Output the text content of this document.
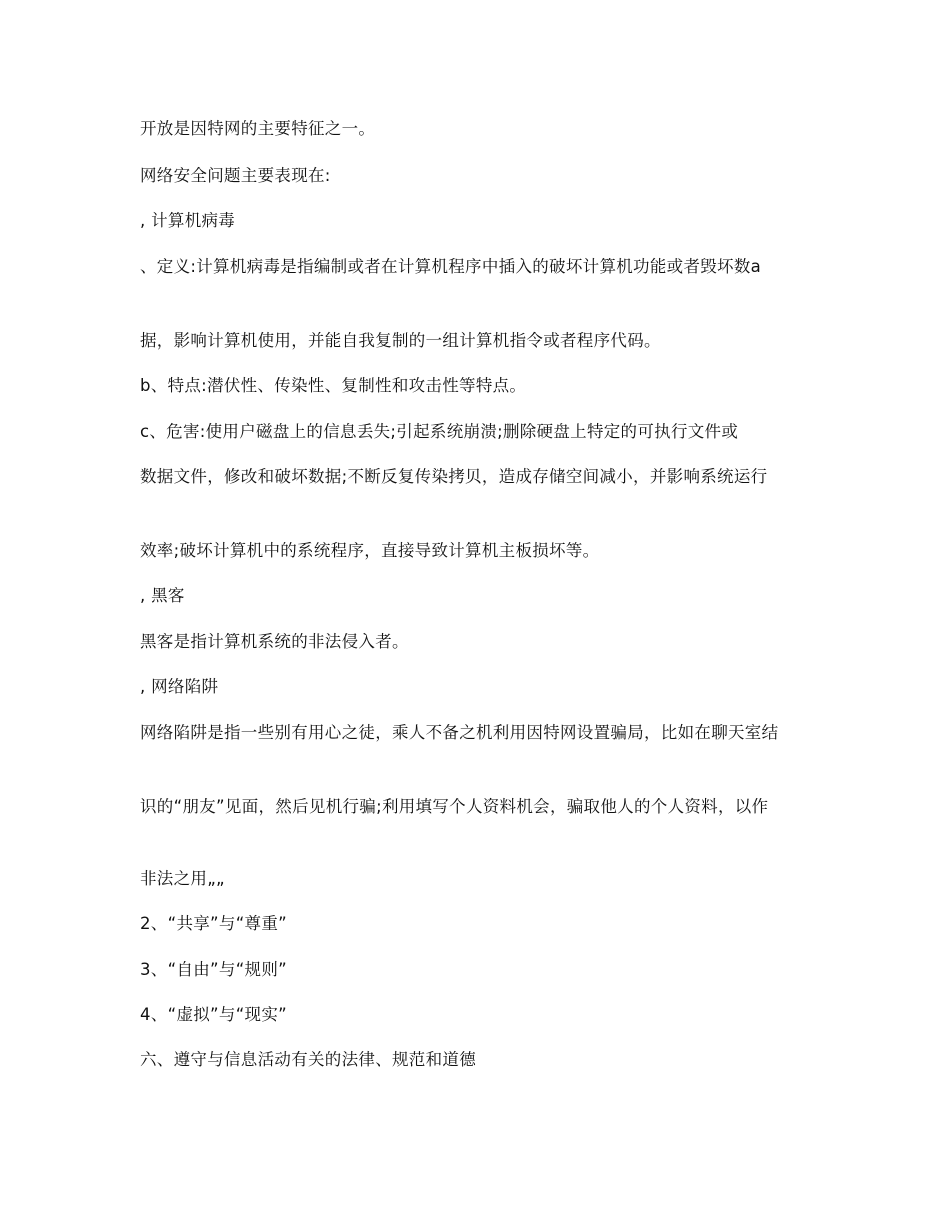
开放是因特网的主要特征之一。
网络安全问题主要表现在:
, 计算机病毒
、定义:计算机病毒是指编制或者在计算机程序中插入的破坏计算机功能或者毁坏数a
据，影响计算机使用，并能自我复制的一组计算机指令或者程序代码。
b、特点:潜伏性、传染性、复制性和攻击性等特点。
c、危害:使用户磁盘上的信息丢失;引起系统崩溃;删除硬盘上特定的可执行文件或
数据文件，修改和破坏数据;不断反复传染拷贝，造成存储空间减小，并影响系统运行
效率;破坏计算机中的系统程序，直接导致计算机主板损坏等。
, 黑客
黑客是指计算机系统的非法侵入者。
, 网络陷阱
网络陷阱是指一些别有用心之徒，乘人不备之机利用因特网设置骗局，比如在聊天室结
识的“朋友”见面，然后见机行骗;利用填写个人资料机会，骗取他人的个人资料，以作
非法之用„„
2、“共享”与“尊重”
3、“自由”与“规则”
4、“虚拟”与“现实”
六、遵守与信息活动有关的法律、规范和道德
